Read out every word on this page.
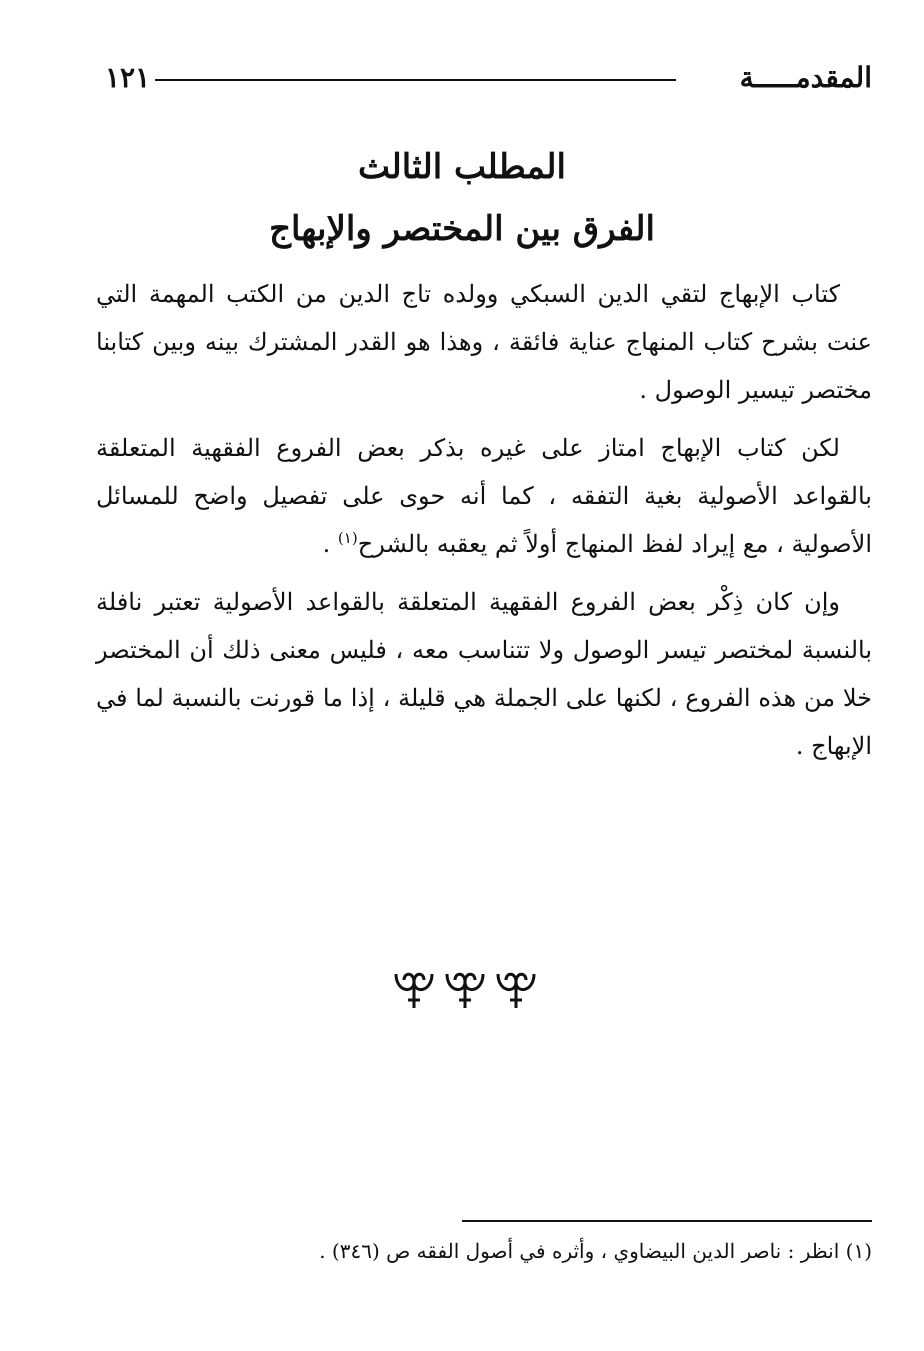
المقدمـــــة
١٢١
المطلب الثالث
الفرق بين المختصر والإبهاج

كتاب الإبهاج لتقي الدين السبكي وولده تاج الدين من الكتب المهمة التي عنت بشرح كتاب المنهاج عناية فائقة ، وهذا هو القدر المشترك بينه وبين كتابنا مختصر تيسير الوصول .

لكن كتاب الإبهاج امتاز على غيره بذكر بعض الفروع الفقهية المتعلقة بالقواعد الأصولية بغية التفقه ، كما أنه حوى على تفصيل واضح للمسائل الأصولية ، مع إيراد لفظ المنهاج أولاً ثم يعقبه بالشرح$^{(١)}$ .

وإن كان ذِكْر بعض الفروع الفقهية المتعلقة بالقواعد الأصولية تعتبر نافلة بالنسبة لمختصر تيسر الوصول ولا تتناسب معه ، فليس معنى ذلك أن المختصر خلا من هذه الفروع ، لكنها على الجملة هي قليلة ، إذا ما قورنت بالنسبة لما في الإبهاج .

(١) انظر : ناصر الدين البيضاوي ، وأثره في أصول الفقه ص (٣٤٦) .
